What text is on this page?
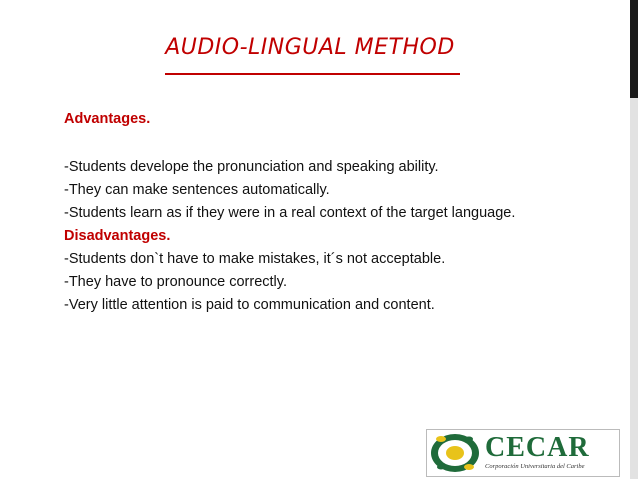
AUDIO-LINGUAL METHOD
Advantages.
-Students develope the pronunciation and speaking ability.
-They can make sentences automatically.
-Students learn as if they were in a real context of the target language.
Disadvantages.
-Students don`t have to make mistakes, it´s not acceptable.
-They have to pronounce correctly.
-Very little attention is paid to communication and content.
CECAR
Corporación Universitaria del Caribe
